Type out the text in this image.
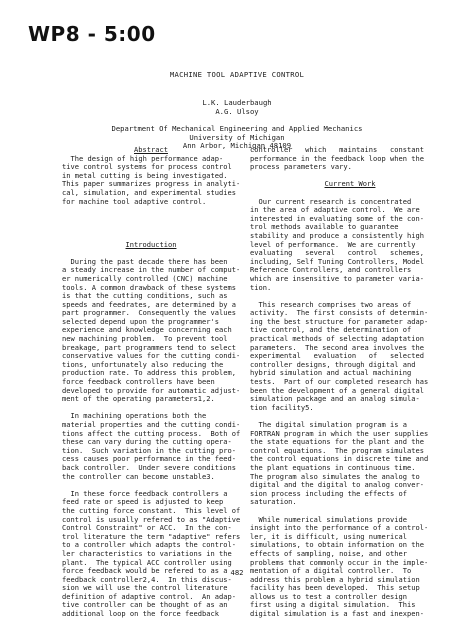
WP8 - 5:00
MACHINE TOOL ADAPTIVE CONTROL
L.K. Lauderbaugh
A.G. Ulsoy
Department Of Mechanical Engineering and Applied Mechanics
University of Michigan
Ann Arbor, Michigan 48109
Abstract
The design of high performance adap-
tive control systems for process control
in metal cutting is being investigated.
This paper summarizes progress in analyti-
cal, simulation, and experimental studies
for machine tool adaptive control.
Introduction
During the past decade there has been
a steady increase in the number of comput-
er numerically controlled (CNC) machine
tools. A common drawback of these systems
is that the cutting conditions, such as
speeds and feedrates, are determined by a
part programmer.  Consequently the values
selected depend upon the programmer's
experience and knowledge concerning each
new machining problem.  To prevent tool
breakage, part programmers tend to select
conservative values for the cutting condi-
tions, unfortunately also reducing the
production rate. To address this problem,
force feedback controllers have been
developed to provide for automatic adjust-
ment of the operating parameters1,2.
In machining operations both the
material properties and the cutting condi-
tions affect the cutting process.  Both of
these can vary during the cutting opera-
tion.  Such variation in the cutting pro-
cess causes poor performance in the feed-
back controller.  Under severe conditions
the controller can become unstable3.
In these force feedback controllers a
feed rate or speed is adjusted to keep
the cutting force constant.  This level of
control is usually refered to as "Adaptive
Control Constraint" or ACC.  In the con-
trol literature the term "adaptive" refers
to a controller which adapts the control-
ler characteristics to variations in the
plant.  The typical ACC controller using
force feedback would be refered to as a
feedback controller2,4.  In this discus-
sion we will use the control literature
definition of adaptive control.  An adap-
tive controller can be thought of as an
additional loop on the force feedback
controller   which   maintains   constant
performance in the feedback loop when the
process parameters vary.
Current Work
Our current research is concentrated
in the area of adaptive control.  We are
interested in evaluating some of the con-
trol methods available to guarantee
stability and produce a consistently high
level of performance.  We are currently
evaluating   several   control   schemes,
including, Self Tuning Controllers, Model
Reference Controllers, and controllers
which are insensitive to parameter varia-
tion.
This research comprises two areas of
activity.  The first consists of determin-
ing the best structure for parameter adap-
tive control, and the determination of
practical methods of selecting adaptation
parameters.  The second area involves the
experimental   evaluation   of   selected
controller designs, through digital and
hybrid simulation and actual machining
tests.  Part of our completed research has
been the development of a general digital
simulation package and an analog simula-
tion facility5.
The digital simulation program is a
FORTRAN program in which the user supplies
the state equations for the plant and the
control equations.  The program simulates
the control equations in discrete time and
the plant equations in continuous time.
The program also simulates the analog to
digital and the digital to analog conver-
sion process including the effects of
saturation.
While numerical simulations provide
insight into the performance of a control-
ler, it is difficult, using numerical
simulations, to obtain information on the
effects of sampling, noise, and other
problems that commonly occur in the imple-
mentation of a digital controller.  To
address this problem a hybrid simulation
facility has been developed.  This setup
allows us to test a controller design
first using a digital simulation.  This
digital simulation is a fast and inexpen-
482
